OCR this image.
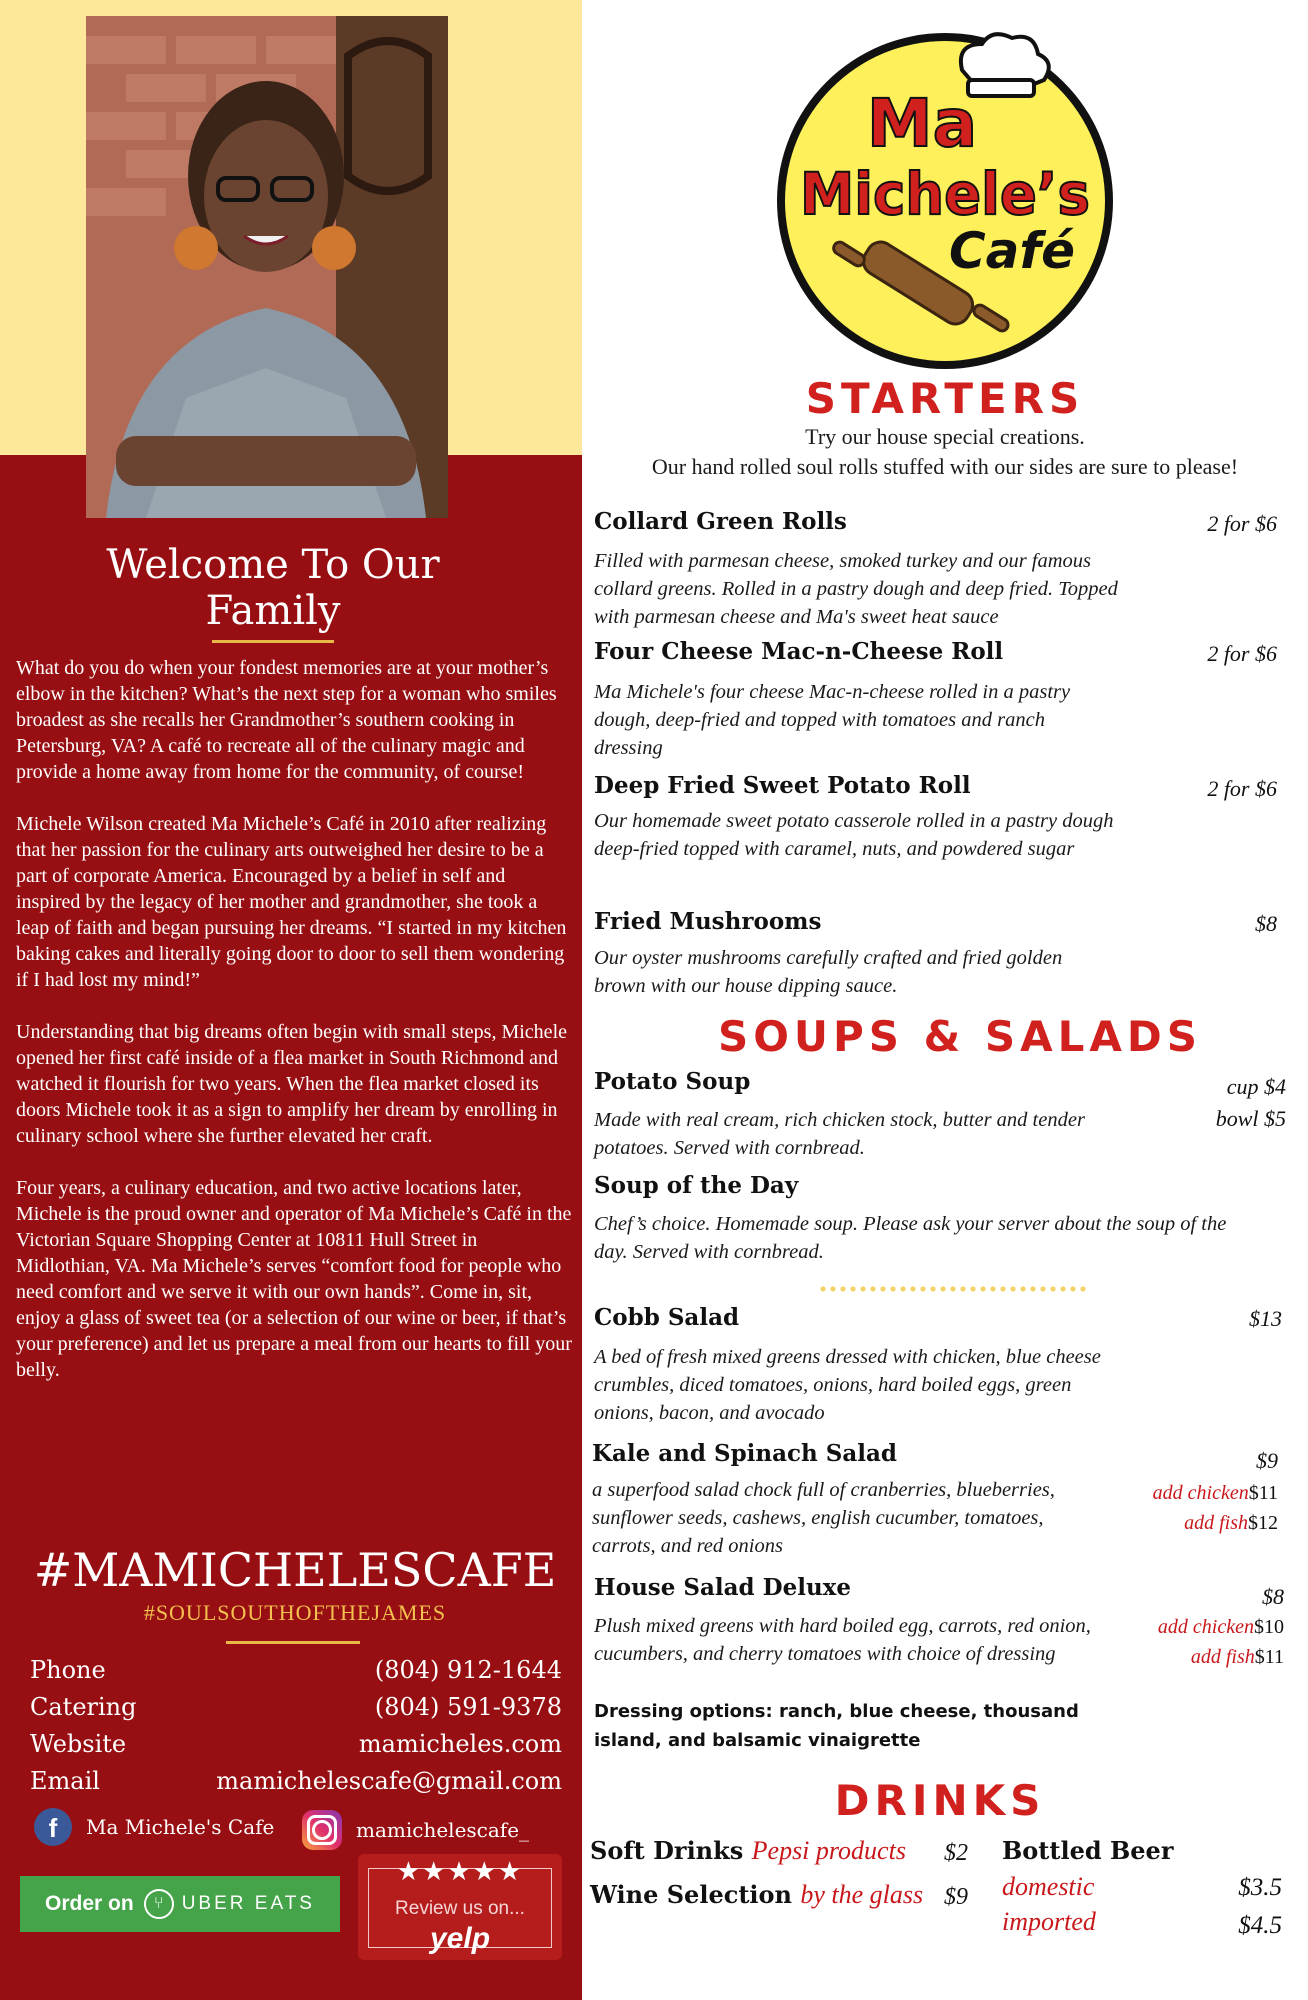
Welcome To Our
Family

What do you do when your fondest memories are at your mother’s elbow in the kitchen? What’s the next step for a woman who smiles broadest as she recalls her Grandmother’s southern cooking in Petersburg, VA? A café to recreate all of the culinary magic and provide a home away from home for the community, of course!

Michele Wilson created Ma Michele’s Café in 2010 after realizing that her passion for the culinary arts outweighed her desire to be a part of corporate America. Encouraged by a belief in self and inspired by the legacy of her mother and grandmother, she took a leap of faith and began pursuing her dreams. “I started in my kitchen baking cakes and literally going door to door to sell them wondering if I had lost my mind!”

Understanding that big dreams often begin with small steps, Michele opened her first café inside of a flea market in South Richmond and watched it flourish for two years. When the flea market closed its doors Michele took it as a sign to amplify her dream by enrolling in culinary school where she further elevated her craft.

Four years, a culinary education, and two active locations later, Michele is the proud owner and operator of Ma Michele’s Café in the Victorian Square Shopping Center at 10811 Hull Street in Midlothian, VA. Ma Michele’s serves “comfort food for people who need comfort and we serve it with our own hands”. Come in, sit, enjoy a glass of sweet tea (or a selection of our wine or beer, if that’s your preference) and let us prepare a meal from our hearts to fill your belly.

#MAMICHELESCAFE
#SOULSOUTHOFTHEJAMES
Phone	(804) 912-1644
Catering	(804) 591-9378
Website	mamicheles.com
Email	mamichelescafe@gmail.com
f	Ma Michele's Cafe	mamichelescafe_
Order on	⑂ UBER EATS
★★★★★
Review us on...
yelp
Ma
Michele’s
Café
STARTERS
Try our house special creations.
Our hand rolled soul rolls stuffed with our sides are sure to please!
Collard Green Rolls	2 for $6
Filled with parmesan cheese, smoked turkey and our famous collard greens. Rolled in a pastry dough and deep fried. Topped with parmesan cheese and Ma's sweet heat sauce
Four Cheese Mac-n-Cheese Roll	2 for $6
Ma Michele's four cheese Mac-n-cheese rolled in a pastry dough, deep-fried and topped with tomatoes and ranch dressing
Deep Fried Sweet Potato Roll	2 for $6
Our homemade sweet potato casserole rolled in a pastry dough deep-fried topped with caramel, nuts, and powdered sugar
Fried Mushrooms	$8
Our oyster mushrooms carefully crafted and fried golden brown with our house dipping sauce.
SOUPS & SALADS
Potato Soup	cup $4
bowl $5
Made with real cream, rich chicken stock, butter and tender potatoes. Served with cornbread.
Soup of the Day
Chef’s choice. Homemade soup. Please ask your server about the soup of the day. Served with cornbread.
Cobb Salad	$13
A bed of fresh mixed greens dressed with chicken, blue cheese crumbles, diced tomatoes, onions, hard boiled eggs, green onions, bacon, and avocado
Kale and Spinach Salad	$9
add chicken$11
add fish$12
a superfood salad chock full of cranberries, blueberries, sunflower seeds, cashews, english cucumber, tomatoes, carrots, and red onions
House Salad Deluxe	$8
add chicken$10
add fish$11
Plush mixed greens with hard boiled egg, carrots, red onion, cucumbers, and cherry tomatoes with choice of dressing
Dressing options: ranch, blue cheese, thousand island, and balsamic vinaigrette
DRINKS
Soft Drinks Pepsi products $2
Wine Selection by the glass $9
Bottled Beer
domestic	$3.5
imported	$4.5
